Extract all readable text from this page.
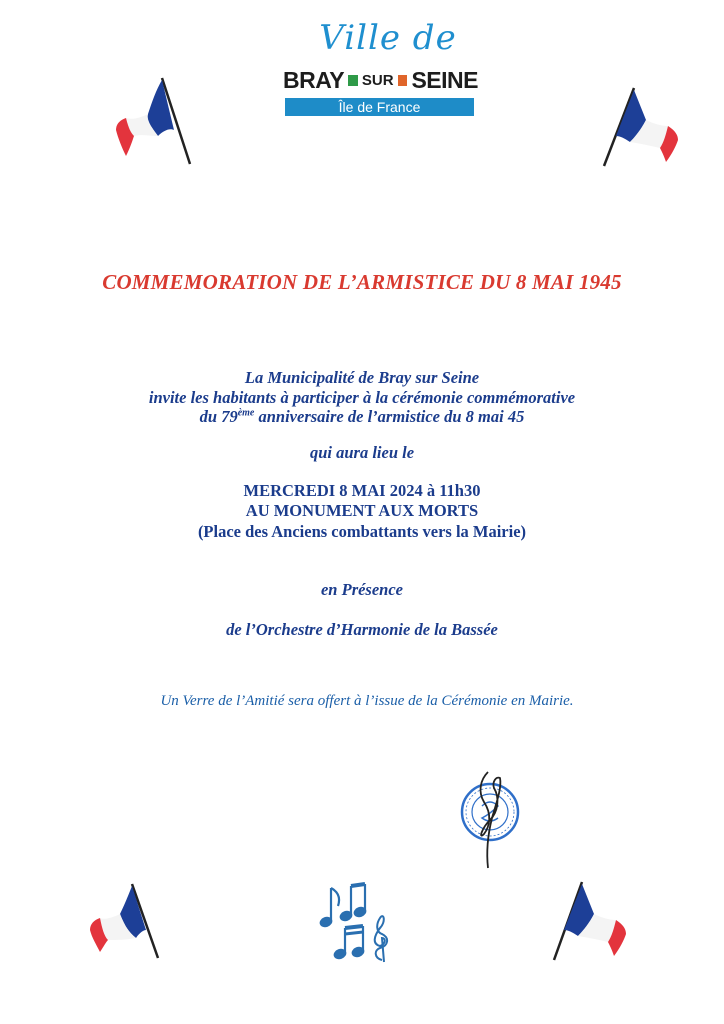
Ville de
BRAY SUR SEINE
Île de France
COMMEMORATION DE L’ARMISTICE DU 8 MAI 1945
La Municipalité de Bray sur Seine
invite les habitants à participer à la cérémonie commémorative
du 79ème anniversaire de l’armistice du 8 mai 45
qui aura lieu le
MERCREDI 8 MAI 2024 à 11h30
AU MONUMENT AUX MORTS
(Place des Anciens combattants vers la Mairie)
en Présence
de l’Orchestre d’Harmonie de la Bassée
Un Verre de l’Amitié sera offert à l’issue de la Cérémonie en Mairie.
